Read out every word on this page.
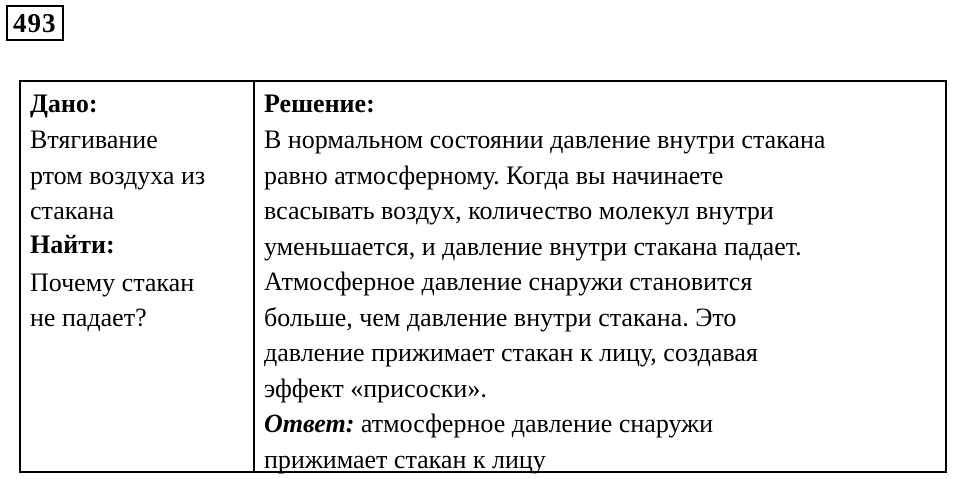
493
Дано:
Втягивание
ртом воздуха из
стакана
Найти:
Почему стакан
не падает?
Решение:
В нормальном состоянии давление внутри стакана
равно атмосферному. Когда вы начинаете
всасывать воздух, количество молекул внутри
уменьшается, и давление внутри стакана падает.
Атмосферное давление снаружи становится
больше, чем давление внутри стакана. Это
давление прижимает стакан к лицу, создавая
эффект «присоски».
Ответ: атмосферное давление снаружи
прижимает стакан к лицу
